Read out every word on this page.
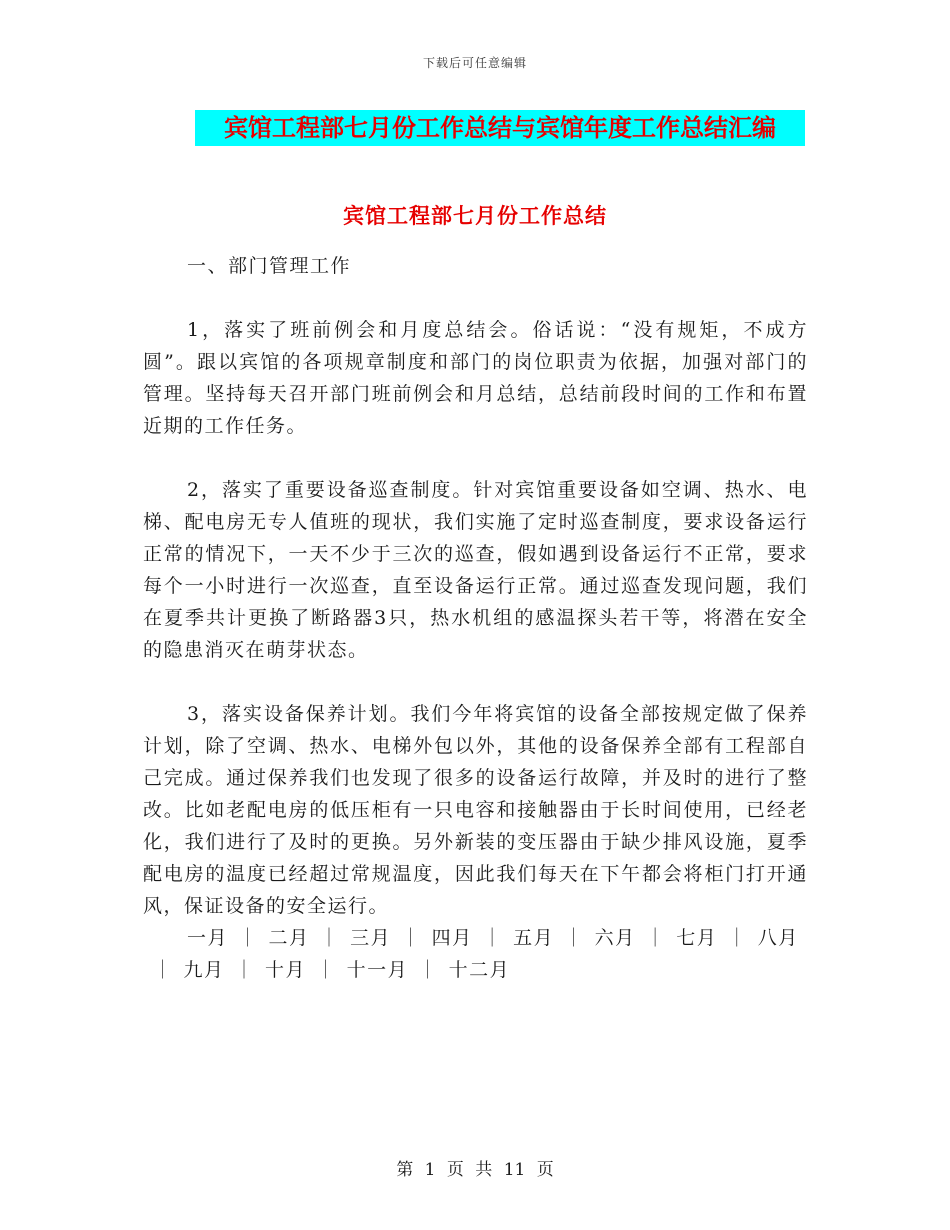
下载后可任意编辑
宾馆工程部七月份工作总结与宾馆年度工作总结汇编
宾馆工程部七月份工作总结

一、部门管理工作

1，落实了班前例会和月度总结会。俗话说：“没有规矩，不成方圆”。跟以宾馆的各项规章制度和部门的岗位职责为依据，加强对部门的管理。坚持每天召开部门班前例会和月总结，总结前段时间的工作和布置近期的工作任务。

2，落实了重要设备巡查制度。针对宾馆重要设备如空调、热水、电梯、配电房无专人值班的现状，我们实施了定时巡查制度，要求设备运行正常的情况下，一天不少于三次的巡查，假如遇到设备运行不正常，要求每个一小时进行一次巡查，直至设备运行正常。通过巡查发现问题，我们在夏季共计更换了断路器3只，热水机组的感温探头若干等，将潜在安全的隐患消灭在萌芽状态。

3，落实设备保养计划。我们今年将宾馆的设备全部按规定做了保养计划，除了空调、热水、电梯外包以外，其他的设备保养全部有工程部自己完成。通过保养我们也发现了很多的设备运行故障，并及时的进行了整改。比如老配电房的低压柜有一只电容和接触器由于长时间使用，已经老化，我们进行了及时的更换。另外新装的变压器由于缺少排风设施，夏季配电房的温度已经超过常规温度，因此我们每天在下午都会将柜门打开通风，保证设备的安全运行。

一月 ｜ 二月 ｜ 三月 ｜ 四月 ｜ 五月 ｜ 六月 ｜ 七月 ｜ 八月｜ 九月 ｜ 十月 ｜ 十一月 ｜ 十二月

第 1 页 共 11 页
